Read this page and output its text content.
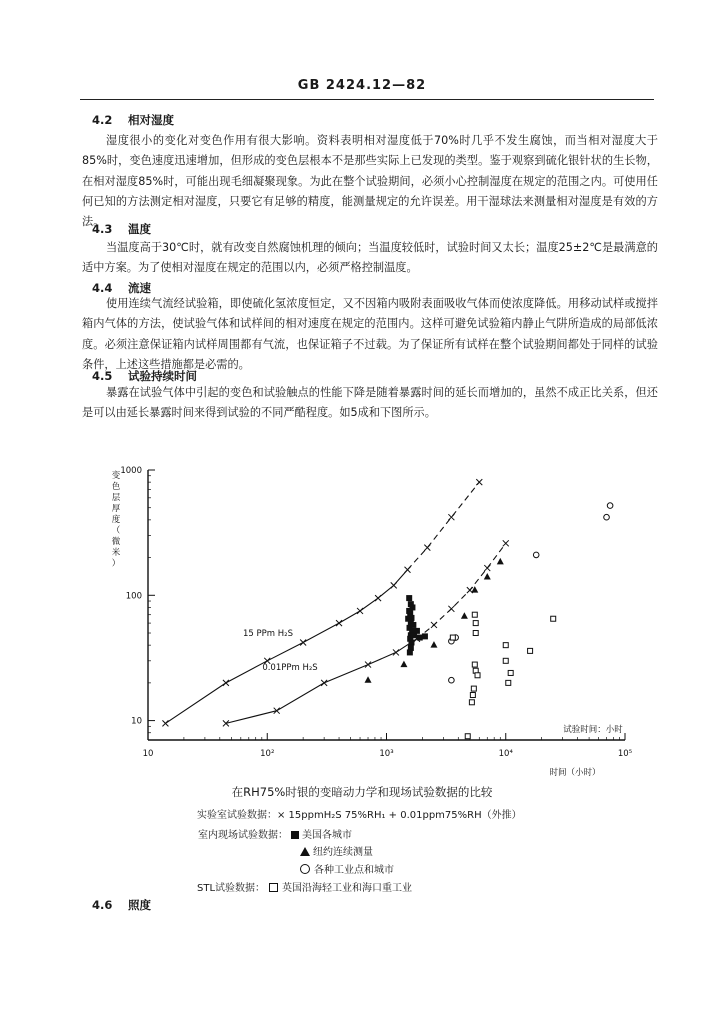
GB 2424.12—82
4.2 相对湿度

湿度很小的变化对变色作用有很大影响。资料表明相对湿度低于70%时几乎不发生腐蚀，而当相对湿度大于85%时，变色速度迅速增加，但形成的变色层根本不是那些实际上已发现的类型。鉴于观察到硫化银针状的生长物，在相对湿度85%时，可能出现毛细凝聚现象。为此在整个试验期间，必须小心控制湿度在规定的范围之内。可使用任何已知的方法测定相对湿度，只要它有足够的精度，能测量规定的允许误差。用干湿球法来测量相对湿度是有效的方法。

4.3 温度

当温度高于30℃时，就有改变自然腐蚀机理的倾向；当温度较低时，试验时间又太长；温度25±2℃是最满意的适中方案。为了使相对湿度在规定的范围以内，必须严格控制温度。

4.4 流速

使用连续气流经试验箱，即使硫化氢浓度恒定，又不因箱内吸附表面吸收气体而使浓度降低。用移动试样或搅拌箱内气体的方法，使试验气体和试样间的相对速度在规定的范围内。这样可避免试验箱内静止气阱所造成的局部低浓度。必须注意保证箱内试样周围都有气流，也保证箱子不过载。为了保证所有试样在整个试验期间都处于同样的试验条件，上述这些措施都是必需的。

4.5 试验持续时间

暴露在试验气体中引起的变色和试验触点的性能下降是随着暴露时间的延长而增加的，虽然不成正比关系，但还是可以由延长暴露时间来得到试验的不同严酷程度。如5成和下图所示。

10	10²	10³	10⁴	10⁵
10
100
1000
变
色
层
厚
度
（
微
米
）
时间（小时）
试验时间：小时
15 PPm H₂S
0.01PPm H₂S
在RH75%时银的变暗动力学和现场试验数据的比较
实验室试验数据：× 15ppmH₂S 75%RH₁ + 0.01ppm75%RH（外推）
室内现场试验数据： 美国各城市
纽约连续测量
各种工业点和城市
STL试验数据： 英国沿海轻工业和海口重工业
4.6 照度
